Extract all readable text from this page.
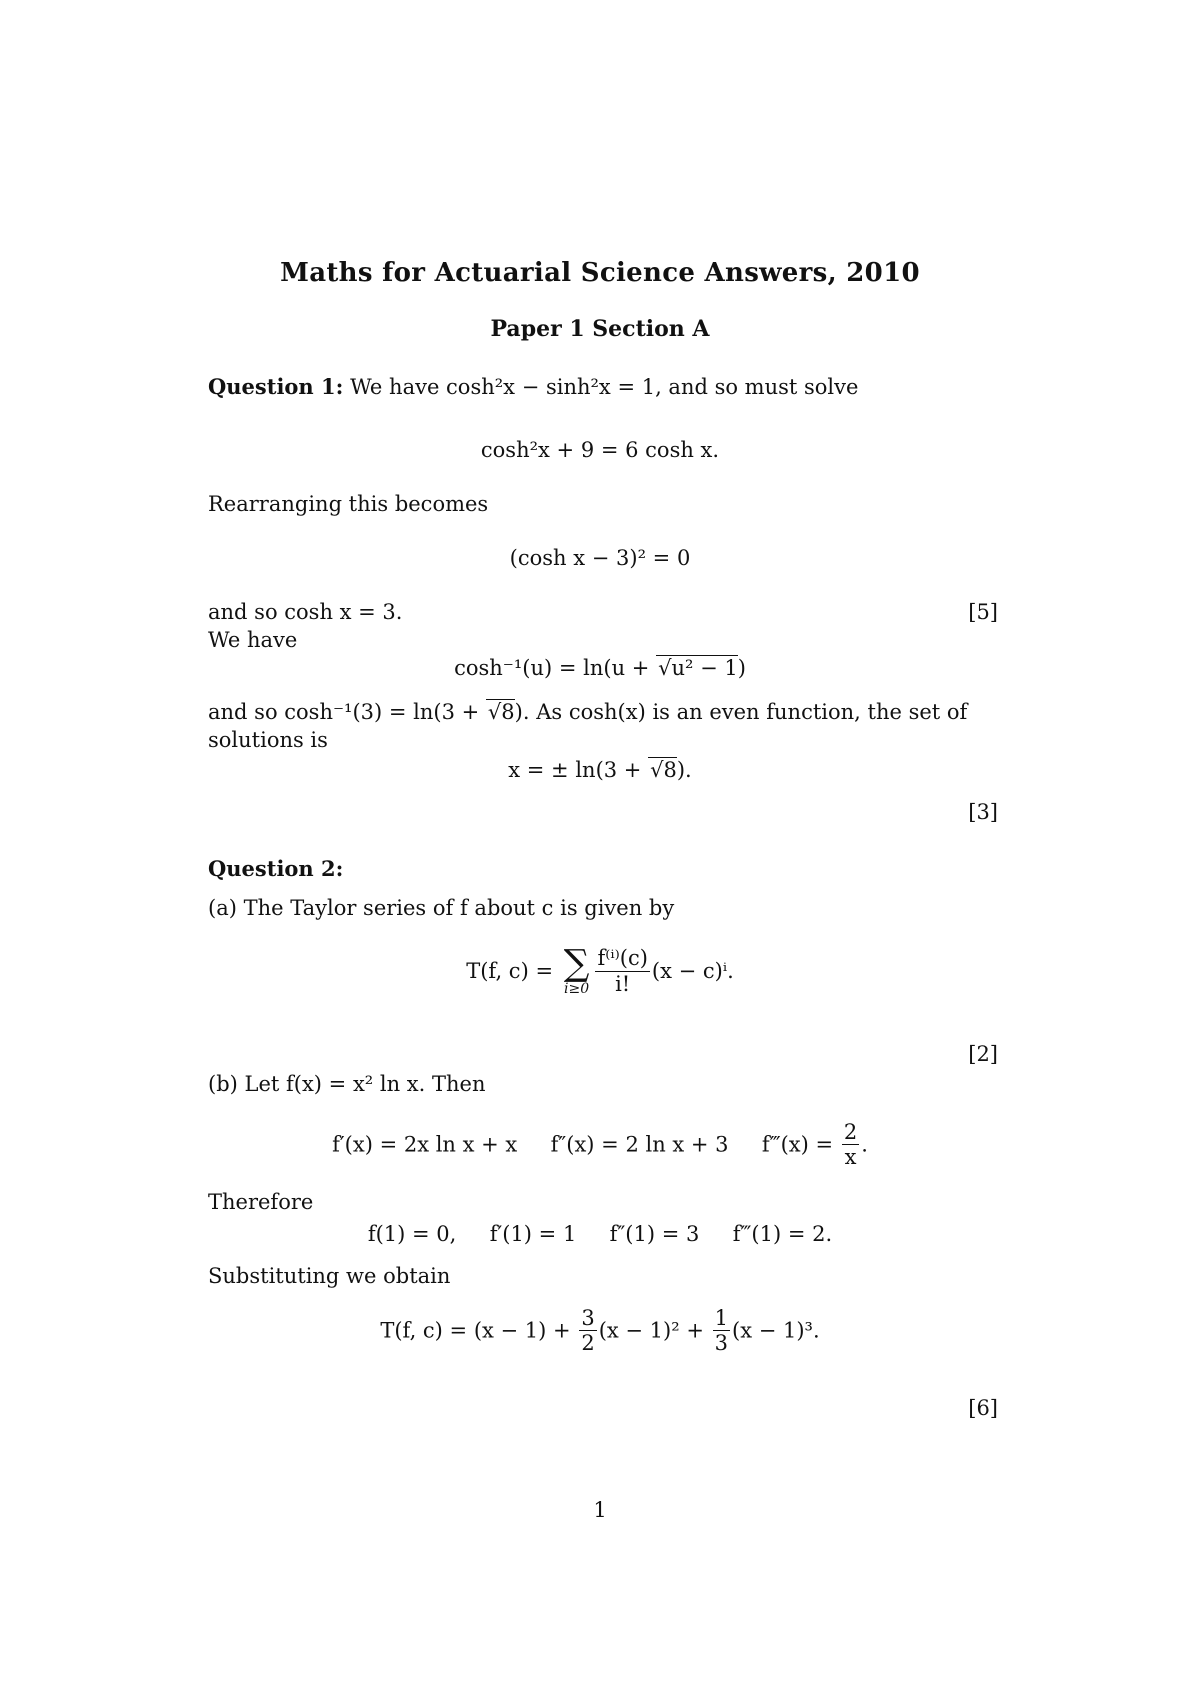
Maths for Actuarial Science Answers, 2010
Paper 1 Section A
Question 1: We have cosh²x − sinh²x = 1, and so must solve
cosh²x + 9 = 6 cosh x.
Rearranging this becomes
(cosh x − 3)² = 0
and so cosh x = 3.	[5]
We have
cosh⁻¹(u) = ln(u + √u² − 1)
and so cosh⁻¹(3) = ln(3 + √8). As cosh(x) is an even function, the set of
solutions is
x = ± ln(3 + √8).
[3]
Question 2:
(a) The Taylor series of f about c is given by
T(f, c) = ∑
$i\ge 0 \frac{\text{f⁽ⁱ⁾(c)}}{i!} (x - c)^i$.
[2]
(b) Let f(x) = x² ln x. Then
f′(x) = 2x ln x + x     f″(x) = 2 ln x + 3     f‴(x) = $\frac{2}{x}$ .
Therefore
f(1) = 0,     f′(1) = 1     f″(1) = 3     f‴(1) = 2.
Substituting we obtain
T(f, $c) = (x - 1) + \frac{3}{2} (x - 1)^2 + \frac{1}{3} (x - 1)^3$.
[6]
1
